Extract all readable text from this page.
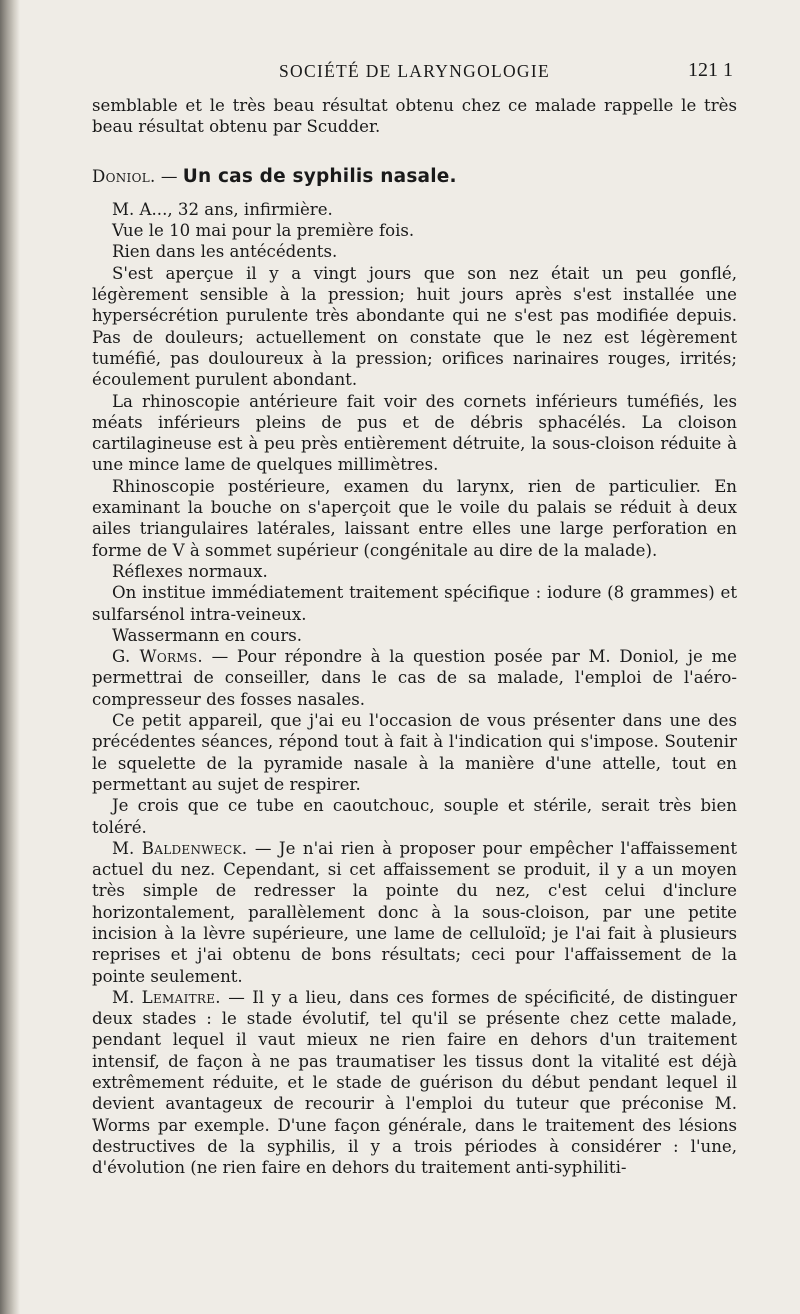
SOCIÉTÉ DE LARYNGOLOGIE	121 1

semblable et le très beau résultat obtenu chez ce malade rappelle le très beau résultat obtenu par Scudder.

Doniol. — Un cas de syphilis nasale.

M. A..., 32 ans, infirmière.

Vue le 10 mai pour la première fois.

Rien dans les antécédents.

S'est aperçue il y a vingt jours que son nez était un peu gonflé, légèrement sensible à la pression; huit jours après s'est installée une hypersécrétion purulente très abondante qui ne s'est pas modifiée depuis. Pas de douleurs; actuellement on constate que le nez est légèrement tuméfié, pas douloureux à la pression; orifices narinaires rouges, irrités; écoulement purulent abondant.

La rhinoscopie antérieure fait voir des cornets inférieurs tuméfiés, les méats inférieurs pleins de pus et de débris sphacélés. La cloison cartilagineuse est à peu près entièrement détruite, la sous-cloison réduite à une mince lame de quelques millimètres.

Rhinoscopie postérieure, examen du larynx, rien de particulier. En examinant la bouche on s'aperçoit que le voile du palais se réduit à deux ailes triangulaires latérales, laissant entre elles une large perforation en forme de V à sommet supérieur (congénitale au dire de la malade).

Réflexes normaux.

On institue immédiatement traitement spécifique : iodure (8 grammes) et sulfarsénol intra-veineux.

Wassermann en cours.

G. Worms. — Pour répondre à la question posée par M. Doniol, je me permettrai de conseiller, dans le cas de sa malade, l'emploi de l'aéro-compresseur des fosses nasales.

Ce petit appareil, que j'ai eu l'occasion de vous présenter dans une des précédentes séances, répond tout à fait à l'indication qui s'impose. Soutenir le squelette de la pyramide nasale à la manière d'une attelle, tout en permettant au sujet de respirer.

Je crois que ce tube en caoutchouc, souple et stérile, serait très bien toléré.

M. Baldenweck. — Je n'ai rien à proposer pour empêcher l'affaissement actuel du nez. Cependant, si cet affaissement se produit, il y a un moyen très simple de redresser la pointe du nez, c'est celui d'inclure horizontalement, parallèlement donc à la sous-cloison, par une petite incision à la lèvre supérieure, une lame de celluloïd; je l'ai fait à plusieurs reprises et j'ai obtenu de bons résultats; ceci pour l'affaissement de la pointe seulement.

M. Lemaitre. — Il y a lieu, dans ces formes de spécificité, de distinguer deux stades : le stade évolutif, tel qu'il se présente chez cette malade, pendant lequel il vaut mieux ne rien faire en dehors d'un traitement intensif, de façon à ne pas traumatiser les tissus dont la vitalité est déjà extrêmement réduite, et le stade de guérison du début pendant lequel il devient avantageux de recourir à l'emploi du tuteur que préconise M. Worms par exemple. D'une façon générale, dans le traitement des lésions destructives de la syphilis, il y a trois périodes à considérer : l'une, d'évolution (ne rien faire en dehors du traitement anti-syphiliti-
